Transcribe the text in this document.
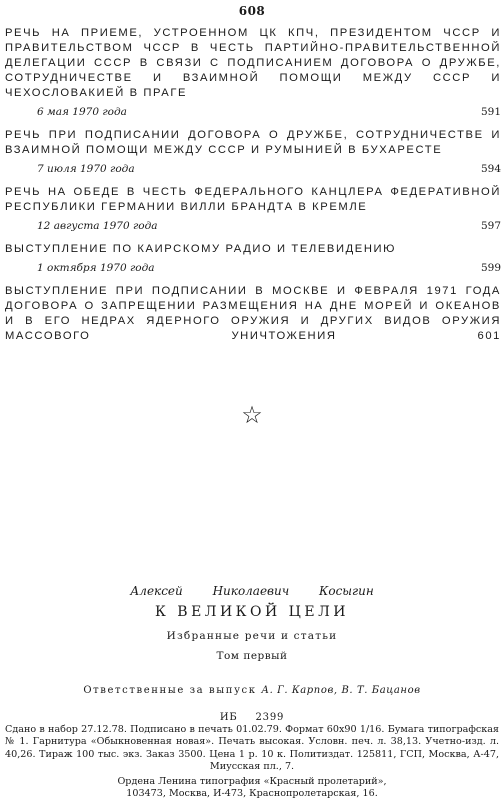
608
РЕЧЬ НА ПРИЕМЕ, УСТРОЕННОМ ЦК КПЧ, ПРЕЗИДЕНТОМ ЧССР И ПРАВИТЕЛЬСТВОМ ЧССР В ЧЕСТЬ ПАРТИЙНО-ПРАВИТЕЛЬСТВЕННОЙ ДЕЛЕГАЦИИ СССР В СВЯЗИ С ПОДПИСАНИЕМ ДОГОВОРА О ДРУЖБЕ, СОТРУДНИЧЕСТВЕ И ВЗАИМНОЙ ПОМОЩИ МЕЖДУ СССР И ЧЕХОСЛОВАКИЕЙ В ПРАГЕ
6 мая 1970 года	591
РЕЧЬ ПРИ ПОДПИСАНИИ ДОГОВОРА О ДРУЖБЕ, СОТРУДНИЧЕСТВЕ И ВЗАИМНОЙ ПОМОЩИ МЕЖДУ СССР И РУМЫНИЕЙ В БУХАРЕСТЕ
7 июля 1970 года	594
РЕЧЬ НА ОБЕДЕ В ЧЕСТЬ ФЕДЕРАЛЬНОГО КАНЦЛЕРА ФЕДЕРАТИВНОЙ РЕСПУБЛИКИ ГЕРМАНИИ ВИЛЛИ БРАНДТА В КРЕМЛЕ
12 августа 1970 года	597
ВЫСТУПЛЕНИЕ ПО КАИРСКОМУ РАДИО И ТЕЛЕВИДЕНИЮ
1 октября 1970 года	599
ВЫСТУПЛЕНИЕ ПРИ ПОДПИСАНИИ В МОСКВЕ И ФЕВРАЛЯ 1971 ГОДА ДОГОВОРА О ЗАПРЕЩЕНИИ РАЗМЕЩЕНИЯ НА ДНЕ МОРЕЙ И ОКЕАНОВ И В ЕГО НЕДРАХ ЯДЕРНОГО ОРУЖИЯ И ДРУГИХ ВИДОВ ОРУЖИЯ МАССОВОГО УНИЧТОЖЕНИЯ	601
☆
Алексей Николаевич Косыгин
К ВЕЛИКОЙ ЦЕЛИ
Избранные речи и статьи
Том первый
Ответственные за выпуск А. Г. Карпов, В. Т. Бацанов
ИБ 2399
Сдано в набор 27.12.78. Подписано в печать 01.02.79. Формат 60х90 1/16. Бумага типографская № 1. Гарнитура «Обыкновенная новая». Печать высокая. Условн. печ. л. 38,13. Учетно-изд. л. 40,26. Тираж 100 тыс. экз. Заказ 3500. Цена 1 р. 10 к. Политиздат. 125811, ГСП, Москва, А-47, Миусская пл., 7.
Ордена Ленина типография «Красный пролетарий»,
103473, Москва, И-473, Краснопролетарская, 16.
